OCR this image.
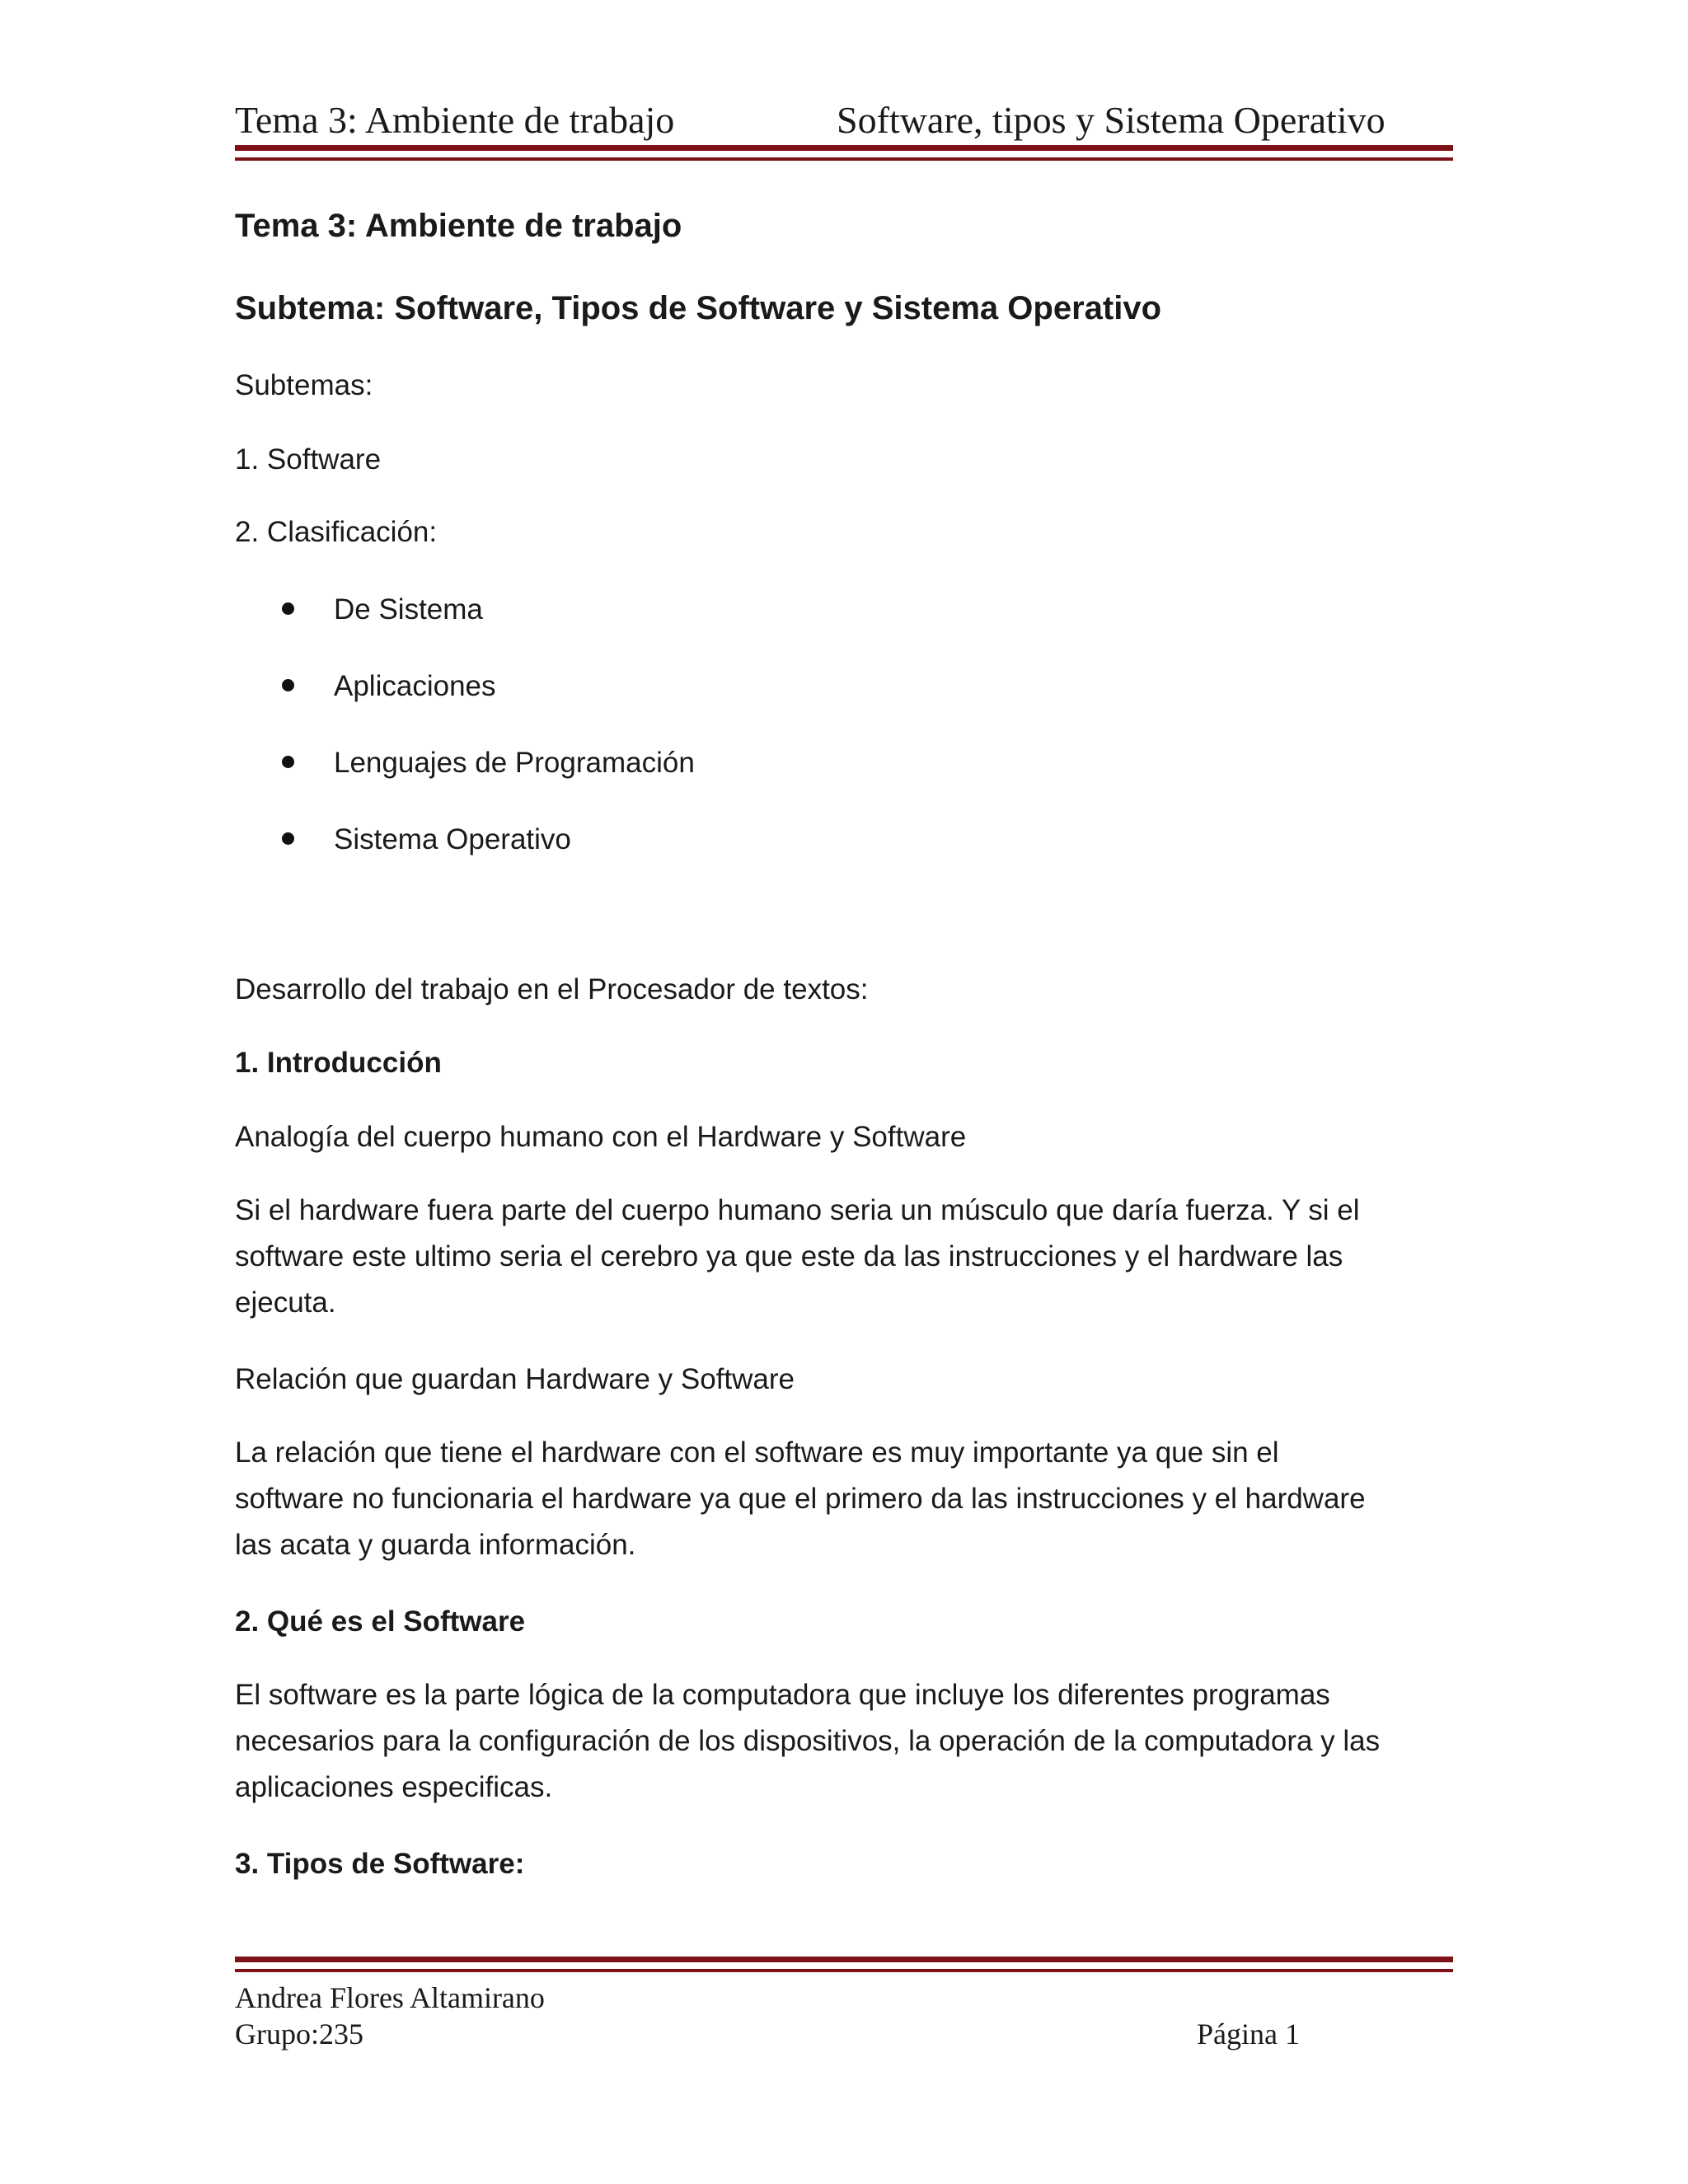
Tema 3: Ambiente de trabajo	Software, tipos y Sistema Operativo
Tema 3: Ambiente de trabajo
Subtema: Software, Tipos de Software y Sistema Operativo
Subtemas:
1. Software
2. Clasificación:
De Sistema
Aplicaciones
Lenguajes de Programación
Sistema Operativo
Desarrollo del trabajo en el Procesador de textos:
1. Introducción
Analogía del cuerpo humano con el Hardware y Software
Si el hardware fuera parte del cuerpo humano seria un músculo que daría fuerza. Y si el
software este ultimo seria el cerebro ya que este da las instrucciones y el hardware las
ejecuta.
Relación que guardan Hardware y Software
La relación que tiene el hardware con el software es muy importante ya que sin el
software no funcionaria el hardware ya que el primero da las instrucciones y el hardware
las acata y guarda información.
2. Qué es el Software
El software es la parte lógica de la computadora que incluye los diferentes programas
necesarios para la configuración de los dispositivos, la operación de la computadora y las
aplicaciones especificas.
3. Tipos de Software:
Andrea Flores Altamirano
Grupo:235	Página 1
